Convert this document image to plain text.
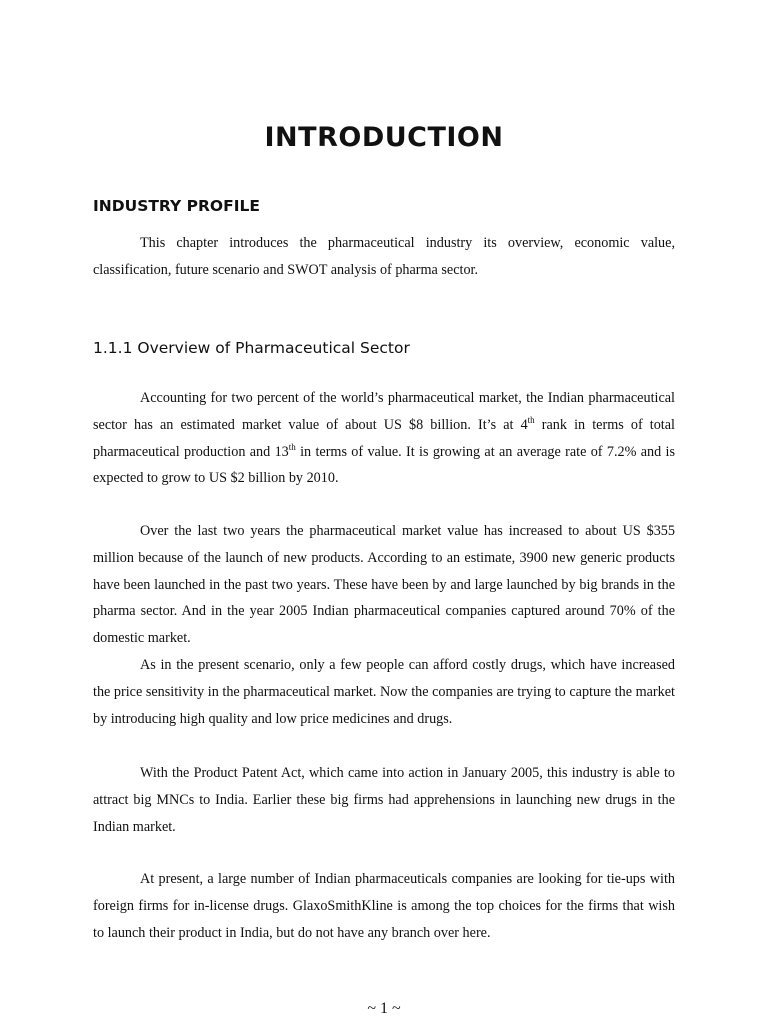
INTRODUCTION
INDUSTRY PROFILE

This chapter introduces the pharmaceutical industry its overview, economic value, classification, future scenario and SWOT analysis of pharma sector.

1.1.1 Overview of Pharmaceutical Sector

Accounting for two percent of the world’s pharmaceutical market, the Indian pharmaceutical sector has an estimated market value of about US $8 billion. It’s at 4th rank in terms of total pharmaceutical production and 13th in terms of value. It is growing at an average rate of 7.2% and is expected to grow to US $2 billion by 2010.

Over the last two years the pharmaceutical market value has increased to about US $355 million because of the launch of new products. According to an estimate, 3900 new generic products have been launched in the past two years. These have been by and large launched by big brands in the pharma sector. And in the year 2005 Indian pharmaceutical companies captured around 70% of the domestic market.

As in the present scenario, only a few people can afford costly drugs, which have increased the price sensitivity in the pharmaceutical market. Now the companies are trying to capture the market by introducing high quality and low price medicines and drugs.

With the Product Patent Act, which came into action in January 2005, this industry is able to attract big MNCs to India. Earlier these big firms had apprehensions in launching new drugs in the Indian market.

At present, a large number of Indian pharmaceuticals companies are looking for tie-ups with foreign firms for in-license drugs. GlaxoSmithKline is among the top choices for the firms that wish to launch their product in India, but do not have any branch over here.

~ 1 ~
